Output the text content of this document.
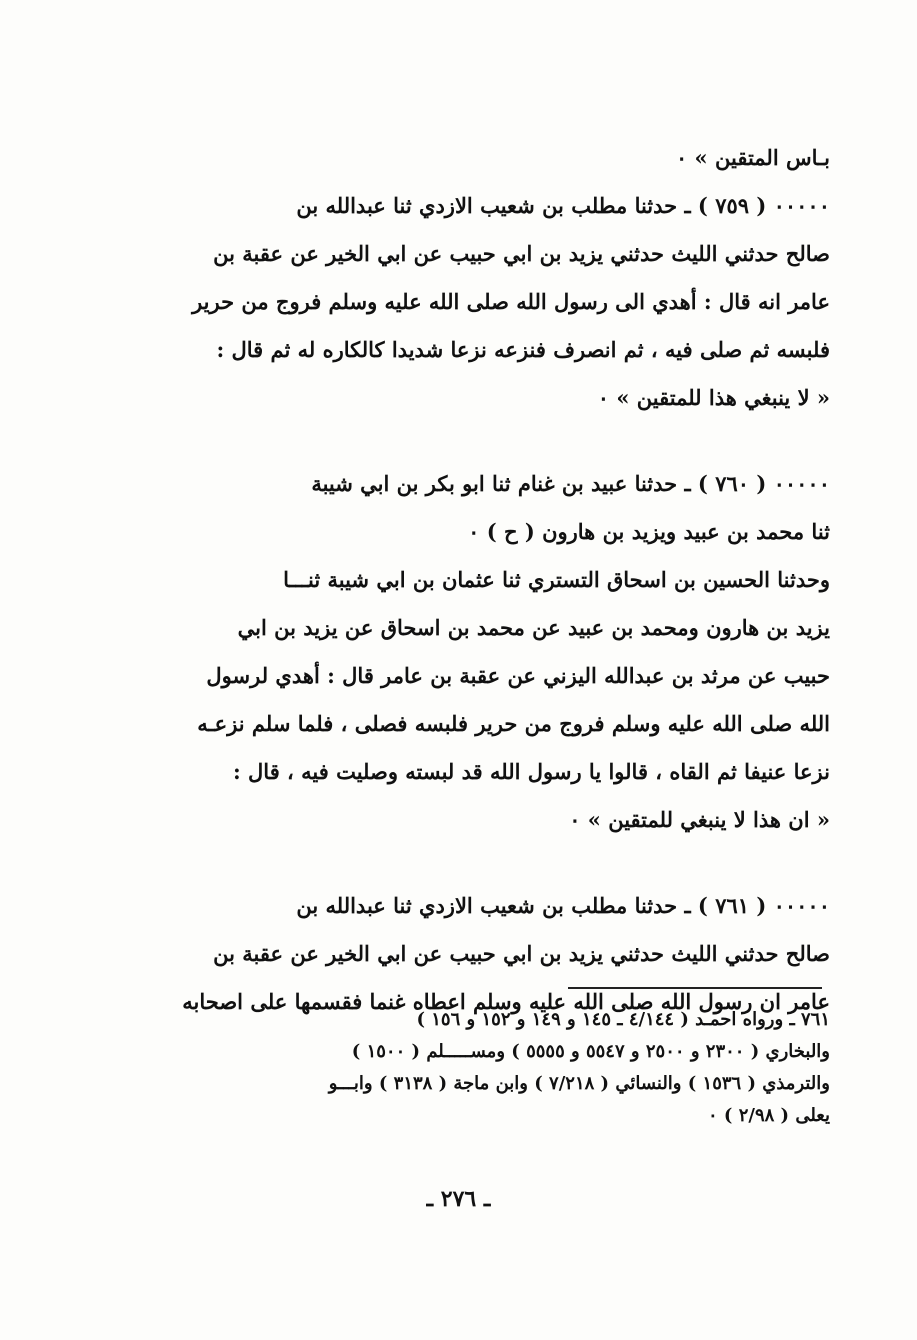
بـاس المتقين » ٠
٠٠٠٠٠ ( ٧٥٩ ) ـ حدثنا مطلب بن شعيب الازدي ثنا عبدالله بن
صالح حدثني الليث حدثني يزيد بن ابي حبيب عن ابي الخير عن عقبة بن
عامر انه قال : أهدي الى رسول الله صلى الله عليه وسلم فروج من حرير
فلبسه ثم صلى فيه ، ثم انصرف فنزعه نزعا شديدا كالكاره له ثم قال :
« لا ينبغي هذا للمتقين » ٠
٠٠٠٠٠ ( ٧٦٠ ) ـ حدثنا عبيد بن غنام ثنا ابو بكر بن ابي شيبة
ثنا محمد بن عبيد ويزيد بن هارون ( ح ) ٠
وحدثنا الحسين بن اسحاق التستري ثنا عثمان بن ابي شيبة ثنـــا
يزيد بن هارون ومحمد بن عبيد عن محمد بن اسحاق عن يزيد بن ابي
حبيب عن مرثد بن عبدالله اليزني عن عقبة بن عامر قال : أهدي لرسول
الله صلى الله عليه وسلم فروج من حرير فلبسه فصلى ، فلما سلم نزعـه
نزعا عنيفا ثم القاه ، قالوا يا رسول الله قد لبسته وصليت فيه ، قال :
« ان هذا لا ينبغي للمتقين » ٠
٠٠٠٠٠ ( ٧٦١ ) ـ حدثنا مطلب بن شعيب الازدي ثنا عبدالله بن
صالح حدثني الليث حدثني يزيد بن ابي حبيب عن ابي الخير عن عقبة بن
عامر ان رسول الله صلى الله عليه وسلم اعطاه غنما فقسمها على اصحابه
٧٦١ ـ ورواه احمـد ( ٤/١٤٤ ـ ١٤٥ و ١٤٩ و ١٥٢ و ١٥٦ )
والبخاري ( ٢٣٠٠ و ٢٥٠٠ و ٥٥٤٧ و ٥٥٥٥ ) ومســـــلم ( ١٥٠٠ )
والترمذي ( ١٥٣٦ ) والنسائي ( ٧/٢١٨ ) وابن ماجة ( ٣١٣٨ ) وابـــو
يعلى ( ٢/٩٨ ) ٠
ـ ٢٧٦ ـ
